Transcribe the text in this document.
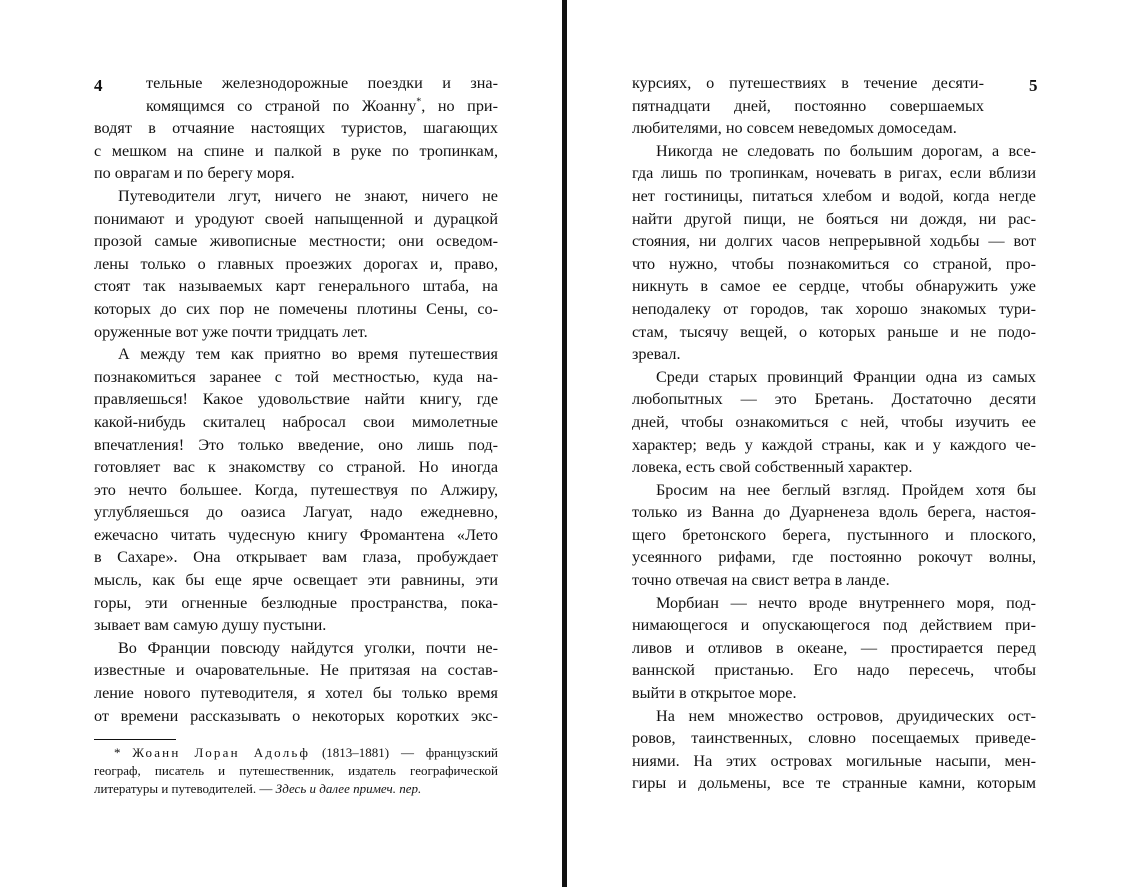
4	тельные железнодорожные поездки и зна-
комящимся со страной по Жоанну*, но при-
водят в отчаяние настоящих туристов, шагающих
с мешком на спине и палкой в руке по тропинкам,
по оврагам и по берегу моря.
Путеводители лгут, ничего не знают, ничего не
понимают и уродуют своей напыщенной и дурацкой
прозой самые живописные местности; они осведом-
лены только о главных проезжих дорогах и, право,
стоят так называемых карт генерального штаба, на
которых до сих пор не помечены плотины Сены, со-
оруженные вот уже почти тридцать лет.
А между тем как приятно во время путешествия
познакомиться заранее с той местностью, куда на-
правляешься! Какое удовольствие найти книгу, где
какой-нибудь скиталец набросал свои мимолетные
впечатления! Это только введение, оно лишь под-
готовляет вас к знакомству со страной. Но иногда
это нечто большее. Когда, путешествуя по Алжиру,
углубляешься до оазиса Лагуат, надо ежедневно,
ежечасно читать чудесную книгу Фромантена «Лето
в Сахаре». Она открывает вам глаза, пробуждает
мысль, как бы еще ярче освещает эти равнины, эти
горы, эти огненные безлюдные пространства, пока-
зывает вам самую душу пустыни.
Во Франции повсюду найдутся уголки, почти не-
известные и очаровательные. Не притязая на состав-
ление нового путеводителя, я хотел бы только время
от времени рассказывать о некоторых коротких экс-
* Жоанн Лоран Адольф (1813–1881) — французский
географ, писатель и путешественник, издатель географической
литературы и путеводителей. — Здесь и далее примеч. пер.
5
курсиях, о путешествиях в течение десяти-
пятнадцати дней, постоянно совершаемых
любителями, но совсем неведомых домоседам.
Никогда не следовать по большим дорогам, а все-
гда лишь по тропинкам, ночевать в ригах, если вблизи
нет гостиницы, питаться хлебом и водой, когда негде
найти другой пищи, не бояться ни дождя, ни рас-
стояния, ни долгих часов непрерывной ходьбы — вот
что нужно, чтобы познакомиться со страной, про-
никнуть в самое ее сердце, чтобы обнаружить уже
неподалеку от городов, так хорошо знакомых тури-
стам, тысячу вещей, о которых раньше и не подо-
зревал.
Среди старых провинций Франции одна из самых
любопытных — это Бретань. Достаточно десяти
дней, чтобы ознакомиться с ней, чтобы изучить ее
характер; ведь у каждой страны, как и у каждого че-
ловека, есть свой собственный характер.
Бросим на нее беглый взгляд. Пройдем хотя бы
только из Ванна до Дуарненеза вдоль берега, настоя-
щего бретонского берега, пустынного и плоского,
усеянного рифами, где постоянно рокочут волны,
точно отвечая на свист ветра в ланде.
Морбиан — нечто вроде внутреннего моря, под-
нимающегося и опускающегося под действием при-
ливов и отливов в океане, — простирается перед
ваннской пристанью. Его надо пересечь, чтобы
выйти в открытое море.
На нем множество островов, друидических ост-
ровов, таинственных, словно посещаемых приведе-
ниями. На этих островах могильные насыпи, мен-
гиры и дольмены, все те странные камни, которым
